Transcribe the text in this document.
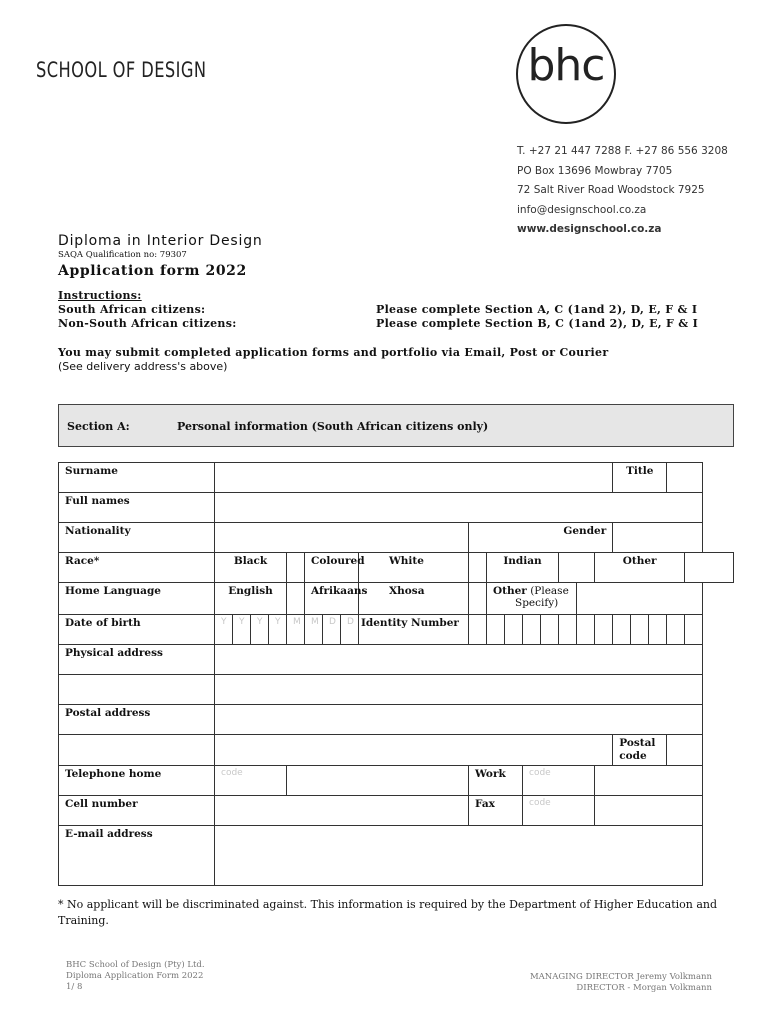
SCHOOL OF DESIGN	bhc
T. +27 21 447 7288 F. +27 86 556 3208
PO Box 13696 Mowbray 7705
72 Salt River Road Woodstock 7925
info@designschool.co.za
www.designschool.co.za
Diploma in Interior Design
SAQA Qualification no: 79307
Application form 2022
Instructions:
South African citizens:	Please complete Section A, C (1and 2), D, E, F & I
Non-South African citizens:	Please complete Section B, C (1and 2), D, E, F & I
You may submit completed application forms and portfolio via Email, Post or Courier
(See delivery address's above)
Section A:	Personal information (South African citizens only)
Surname																		Title				
Full names																						
Nationality										Gender												
Race*	Black					Coloured			White		Indian						Other					
Home Language	English					Afrikaans			Xhosa		Other (Please
Specify)											
Date of birth	Y	Y	Y	Y	M	M	D	D	Identity Number													
Physical address																						

Postal address																						
																		Postal
code				
Telephone home	code									Work			code									
Cell number										Fax			code									
E-mail address																						
* No applicant will be discriminated against. This information is required by the Department of Higher Education and Training.
BHC School of Design (Pty) Ltd.
Diploma Application Form 2022
1/ 8
MANAGING DIRECTOR Jeremy Volkmann
DIRECTOR - Morgan Volkmann
